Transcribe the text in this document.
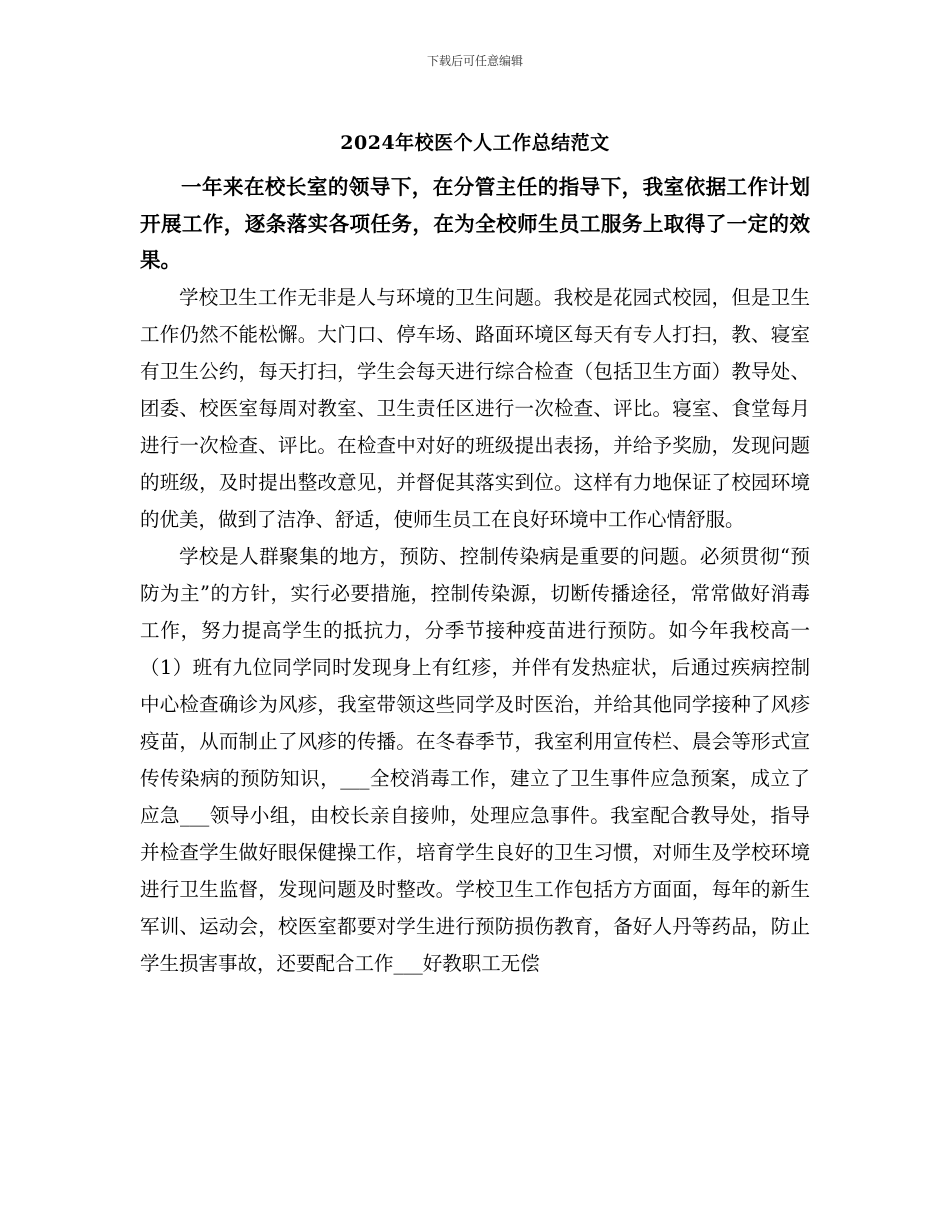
下载后可任意编辑
2024年校医个人工作总结范文

一年来在校长室的领导下，在分管主任的指导下，我室依据工作计划开展工作，逐条落实各项任务，在为全校师生员工服务上取得了一定的效果。

学校卫生工作无非是人与环境的卫生问题。我校是花园式校园，但是卫生工作仍然不能松懈。大门口、停车场、路面环境区每天有专人打扫，教、寝室有卫生公约，每天打扫，学生会每天进行综合检查（包括卫生方面）教导处、团委、校医室每周对教室、卫生责任区进行一次检查、评比。寝室、食堂每月进行一次检查、评比。在检查中对好的班级提出表扬，并给予奖励，发现问题的班级，及时提出整改意见，并督促其落实到位。这样有力地保证了校园环境的优美，做到了洁净、舒适，使师生员工在良好环境中工作心情舒服。

学校是人群聚集的地方，预防、控制传染病是重要的问题。必须贯彻“预防为主”的方针，实行必要措施，控制传染源，切断传播途径，常常做好消毒工作，努力提高学生的抵抗力，分季节接种疫苗进行预防。如今年我校高一（1）班有九位同学同时发现身上有红疹，并伴有发热症状，后通过疾病控制中心检查确诊为风疹，我室带领这些同学及时医治，并给其他同学接种了风疹疫苗，从而制止了风疹的传播。在冬春季节，我室利用宣传栏、晨会等形式宣传传染病的预防知识，___全校消毒工作，建立了卫生事件应急预案，成立了应急___领导小组，由校长亲自接帅，处理应急事件。我室配合教导处，指导并检查学生做好眼保健操工作，培育学生良好的卫生习惯，对师生及学校环境进行卫生监督，发现问题及时整改。学校卫生工作包括方方面面，每年的新生军训、运动会，校医室都要对学生进行预防损伤教育，备好人丹等药品，防止学生损害事故，还要配合工作___好教职工无偿
